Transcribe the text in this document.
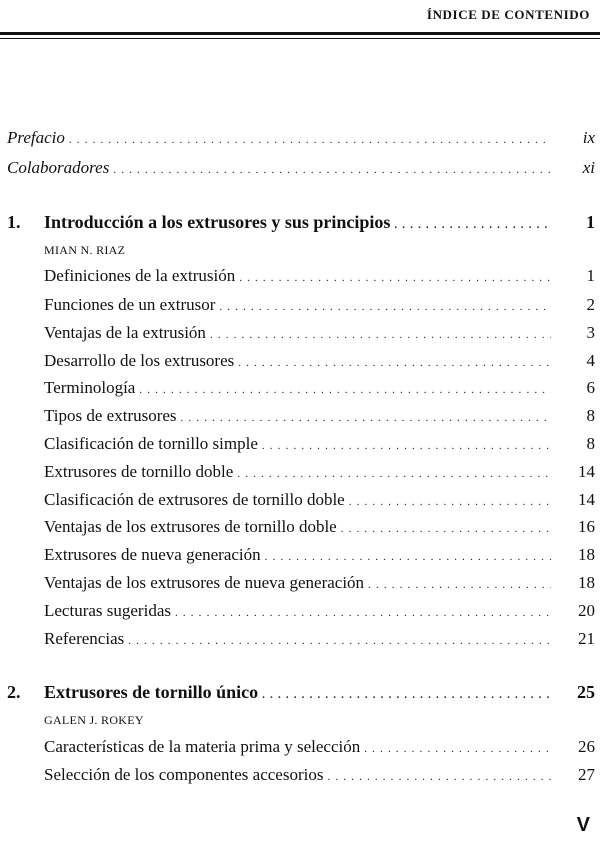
ÍNDICE DE CONTENIDO
Prefacio . . .	ix
Colaboradores . . .	xi
1. Introducción a los extrusores y sus principios . . .	1
MIAN N. RIAZ
Definiciones de la extrusión . . .	1
Funciones de un extrusor . . .	2
Ventajas de la extrusión . . .	3
Desarrollo de los extrusores . . .	4
Terminología . . .	6
Tipos de extrusores . . .	8
Clasificación de tornillo simple . . .	8
Extrusores de tornillo doble . . .	14
Clasificación de extrusores de tornillo doble . . .	14
Ventajas de los extrusores de tornillo doble . . .	16
Extrusores de nueva generación . . .	18
Ventajas de los extrusores de nueva generación . . .	18
Lecturas sugeridas . . .	20
Referencias . . .	21
2. Extrusores de tornillo único . . .	25
GALEN J. ROKEY
Características de la materia prima y selección . . .	26
Selección de los componentes accesorios . . .	27
V
